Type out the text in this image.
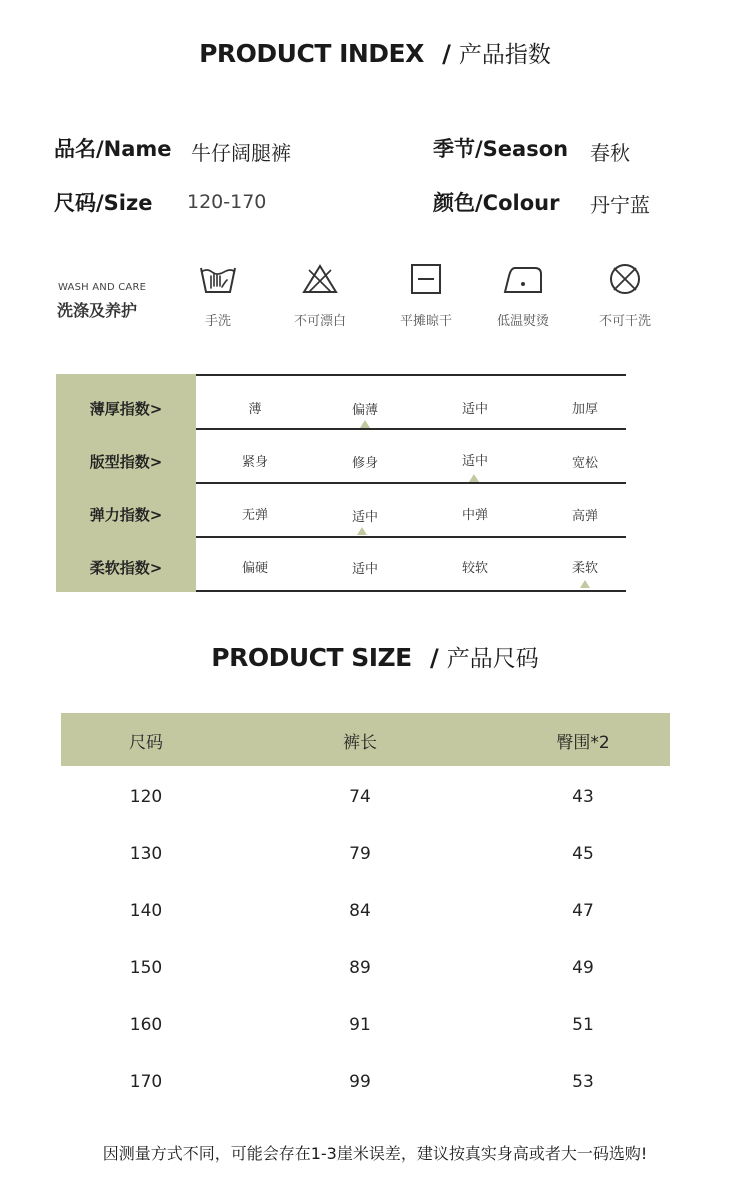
PRODUCT INDEX / 产品指数
品名/Name 牛仔阔腿裤	季节/Season 春秋
尺码/Size 120-170	颜色/Colour 丹宁蓝
WASH AND CARE
洗涤及养护
手洗	不可漂白	平摊晾干	低温熨烫	不可干洗
薄厚指数>	薄	偏薄	适中	加厚
版型指数>	紧身	修身	适中	宽松
弹力指数>	无弹	适中	中弹	高弹
柔软指数>	偏硬	适中	较软	柔软
PRODUCT SIZE / 产品尺码
尺码	裤长	臀围*2
120	74	43
130	79	45
140	84	47
150	89	49
160	91	51
170	99	53
因测量方式不同，可能会存在1-3崖米误差，建议按真实身高或者大一码选购!
